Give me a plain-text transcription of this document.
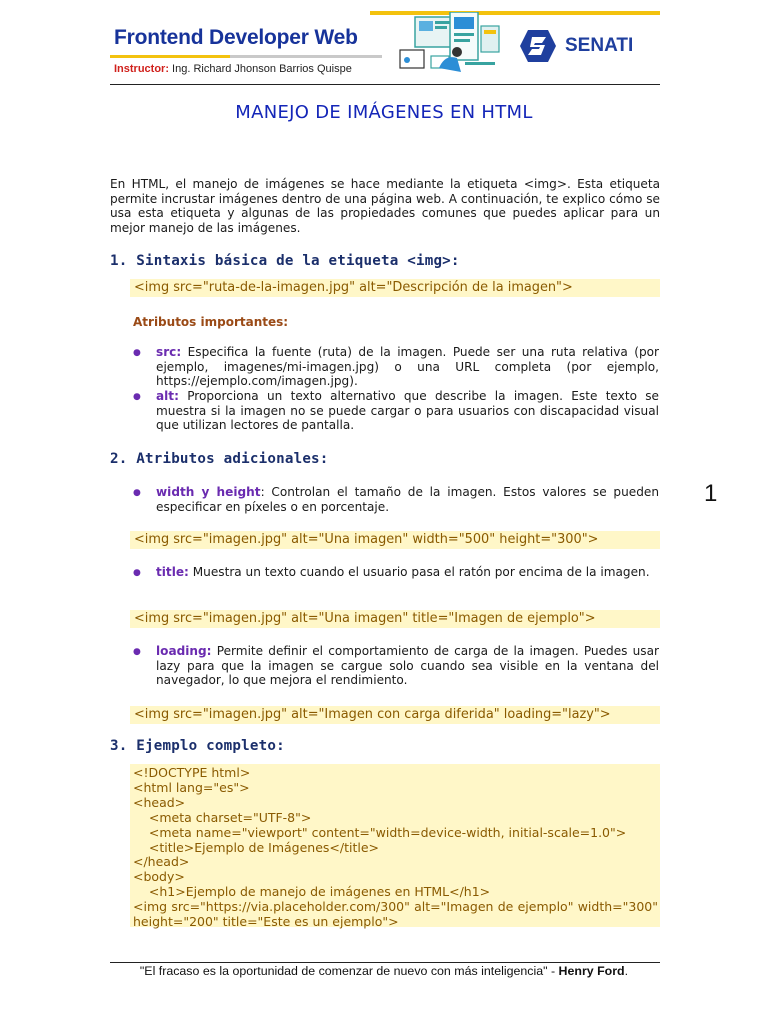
Frontend Developer Web
Instructor: Ing. Richard Jhonson Barrios Quispe
SENATI
MANEJO DE IMÁGENES EN HTML
En HTML, el manejo de imágenes se hace mediante la etiqueta <img>. Esta etiqueta permite incrustar imágenes dentro de una página web. A continuación, te explico cómo se usa esta etiqueta y algunas de las propiedades comunes que puedes aplicar para un mejor manejo de las imágenes.
1. Sintaxis básica de la etiqueta <img>:
<img src="ruta-de-la-imagen.jpg" alt="Descripción de la imagen">
Atributos importantes:
● src: Especifica la fuente (ruta) de la imagen. Puede ser una ruta relativa (por ejemplo, imagenes/mi-imagen.jpg) o una URL completa (por ejemplo, https://ejemplo.com/imagen.jpg).
● alt: Proporciona un texto alternativo que describe la imagen. Este texto se muestra si la imagen no se puede cargar o para usuarios con discapacidad visual que utilizan lectores de pantalla.
2. Atributos adicionales:
● width y height: Controlan el tamaño de la imagen. Estos valores se pueden especificar en píxeles o en porcentaje.
<img src="imagen.jpg" alt="Una imagen" width="500" height="300">
● title: Muestra un texto cuando el usuario pasa el ratón por encima de la imagen.
<img src="imagen.jpg" alt="Una imagen" title="Imagen de ejemplo">
● loading: Permite definir el comportamiento de carga de la imagen. Puedes usar lazy para que la imagen se cargue solo cuando sea visible en la ventana del navegador, lo que mejora el rendimiento.
<img src="imagen.jpg" alt="Imagen con carga diferida" loading="lazy">
3. Ejemplo completo:
<!DOCTYPE html>
<html lang="es">
<head>
<meta charset="UTF-8">
<meta name="viewport" content="width=device-width, initial-scale=1.0">
<title>Ejemplo de Imágenes</title>
</head>
<body>
<h1>Ejemplo de manejo de imágenes en HTML</h1>
<img src="https://via.placeholder.com/300" alt="Imagen de ejemplo" width="300" height="200" title="Este es un ejemplo">
1
"El fracaso es la oportunidad de comenzar de nuevo con más inteligencia" - Henry Ford.
